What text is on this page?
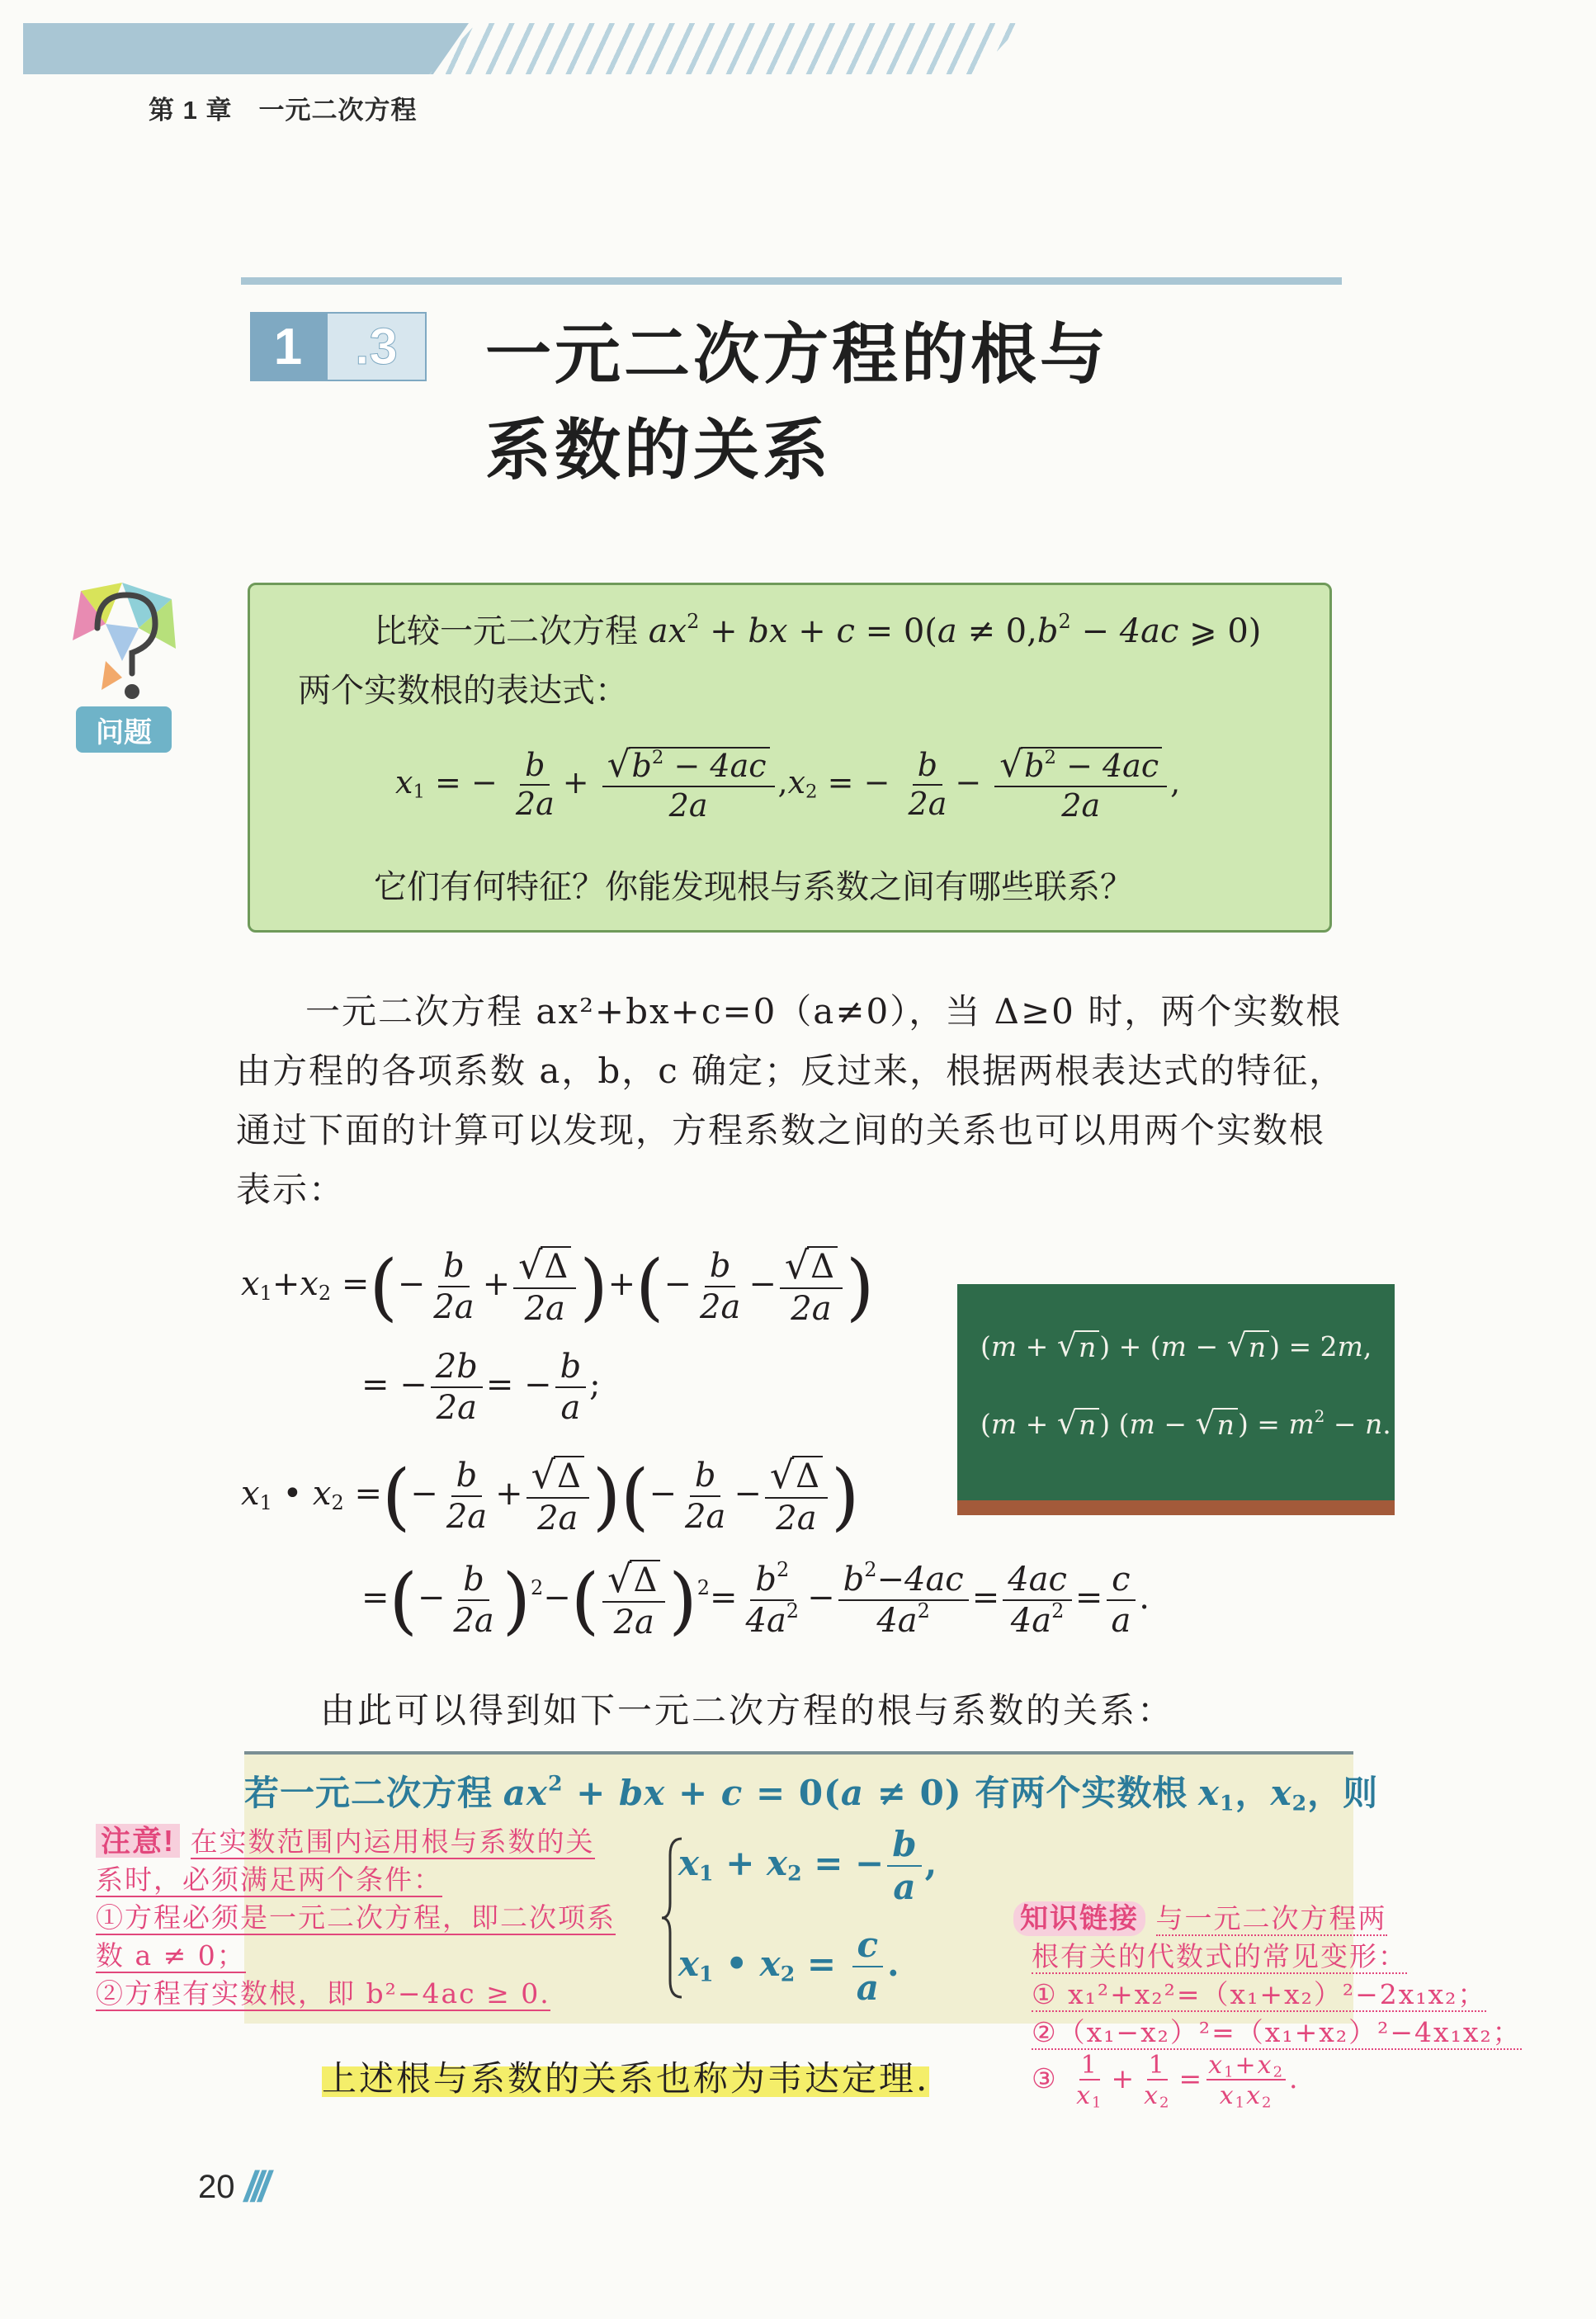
第 1 章　一元二次方程
1	.3	一元二次方程的根与
系数的关系
问题
比较一元二次方程 $ax^2$ + bx + $c = 0(a \ne 0,b^2 - 4ac$ ⩾ 0)
两个实数根的表达式：
$x_1$ = − $\frac{b}{2a} + \frac{√ b^2 - 4ac}{2a} ,x_2$ = − $\frac{b}{2a} - \frac{√ b^2 - 4ac}{2a}$ ,
它们有何特征？你能发现根与系数之间有哪些联系？
一元二次方程 ax²+bx+c=0（a≠0），当 Δ≥0 时，两个实数根由方程的各项系数 a，b，c 确定；反过来，根据两根表达式的特征，通过下面的计算可以发现，方程系数之间的关系也可以用两个实数根表示：
$x_1+x_2$ =(− $\frac{b}{2a} + \frac{√ \Delta}{2a}$ )+(− $\frac{b}{2a} - \frac{√ \Delta}{2a}$ )
= − $\frac{2b}{2a}$ = − $\frac{b}{a}$ ;
$x_1$ • $x_2$ =(− $\frac{b}{2a} + \frac{√ \Delta}{2a}$ )(− $\frac{b}{2a} - \frac{√ \Delta}{2a}$ )
=(− $\frac{b}{2a} )^2-( \frac{√ \Delta}{2a} )^2= \frac{b^2}{4a^2} - \frac{b^2-4ac}{4a^2} = \frac{4ac}{4a^2} = \frac{c}{a}$ .
(m + √ n ) + (m − √ n ) = 2m,
(m + √ n ) (m − √ n ) = $m^2 - n$.
由此可以得到如下一元二次方程的根与系数的关系：
若一元二次方程 $ax^2$ + bx + c = 0(a ≠ 0) 有两个实数根 $x_1$，$x_2$，则
$x_1 + x_2$ = − $\frac{b}{a}$ ,
$x_1$ • $x_2 = \frac{c}{a}$ .
注意! 在实数范围内运用根与系数的关
系时，必须满足两个条件：
①方程必须是一元二次方程，即二次项系
数 a ≠ 0；
②方程有实数根，即 b²−4ac ≥ 0.
知识链接 与一元二次方程两
根有关的代数式的常见变形：
① x₁²+x₂²=（x₁+x₂）²−2x₁x₂；
②（x₁−x₂）²=（x₁+x₂）²−4x₁x₂；
③ $\frac{1}{x_1} + \frac{1}{x_2} = \frac{x_1+x_2}{x_1x_2}$ .
上述根与系数的关系也称为韦达定理.
20 ///
